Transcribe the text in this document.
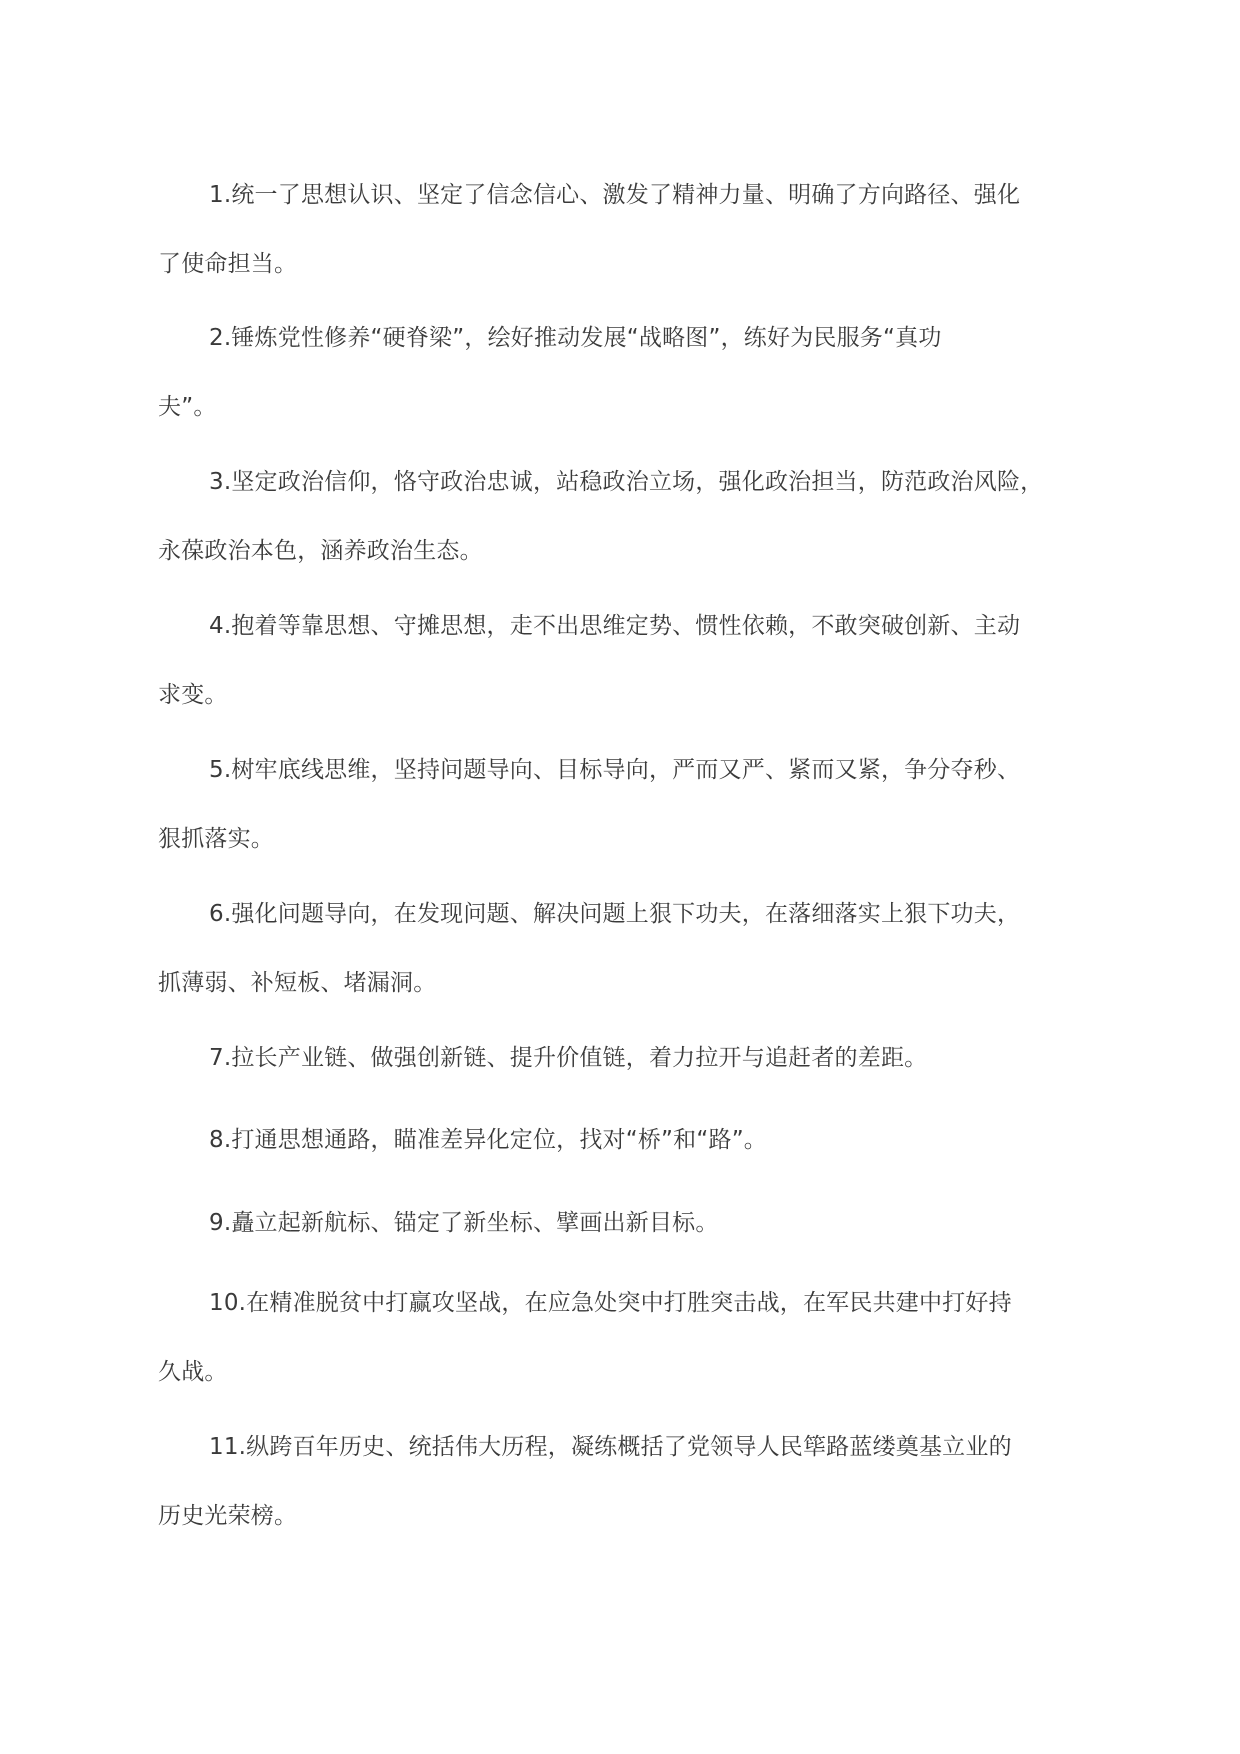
1.统一了思想认识、坚定了信念信心、激发了精神力量、明确了方向路径、强化

了使命担当。

2.锤炼党性修养“硬脊梁”，绘好推动发展“战略图”，练好为民服务“真功

夫”。

3.坚定政治信仰，恪守政治忠诚，站稳政治立场，强化政治担当，防范政治风险，

永葆政治本色，涵养政治生态。

4.抱着等靠思想、守摊思想，走不出思维定势、惯性依赖，不敢突破创新、主动

求变。

5.树牢底线思维，坚持问题导向、目标导向，严而又严、紧而又紧，争分夺秒、

狠抓落实。

6.强化问题导向，在发现问题、解决问题上狠下功夫，在落细落实上狠下功夫，

抓薄弱、补短板、堵漏洞。

7.拉长产业链、做强创新链、提升价值链，着力拉开与追赶者的差距。

8.打通思想通路，瞄准差异化定位，找对“桥”和“路”。

9.矗立起新航标、锚定了新坐标、擘画出新目标。

10.在精准脱贫中打赢攻坚战，在应急处突中打胜突击战，在军民共建中打好持

久战。

11.纵跨百年历史、统括伟大历程，凝练概括了党领导人民筚路蓝缕奠基立业的

历史光荣榜。
